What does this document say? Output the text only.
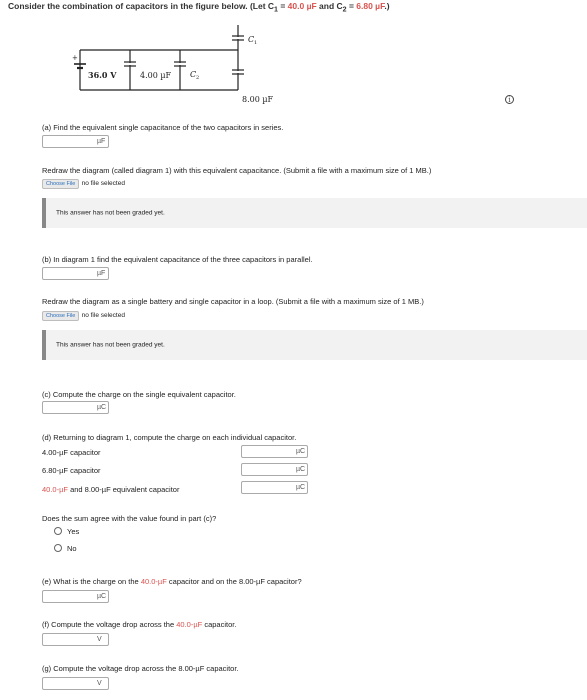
Consider the combination of capacitors in the figure below. (Let $C_1 = 40.0$ µF and $C_2 = 6.80$ µF.)
+
36.0 V	4.00 µF C 2
C 1
8.00 µF	i
(a) Find the equivalent single capacitance of the two capacitors in series.
µF
Redraw the diagram (called diagram 1) with this equivalent capacitance. (Submit a file with a maximum size of 1 MB.)
Choose File no file selected
This answer has not been graded yet.
(b) In diagram 1 find the equivalent capacitance of the three capacitors in parallel.
µF
Redraw the diagram as a single battery and single capacitor in a loop. (Submit a file with a maximum size of 1 MB.)
Choose File no file selected
This answer has not been graded yet.
(c) Compute the charge on the single equivalent capacitor.
µC
(d) Returning to diagram 1, compute the charge on each individual capacitor.
4.00-µF capacitor	µC
6.80-µF capacitor	µC
40.0-µF and 8.00-µF equivalent capacitor	µC
Does the sum agree with the value found in part (c)?
Yes
No
(e) What is the charge on the 40.0-µF capacitor and on the 8.00-µF capacitor?
µC
(f) Compute the voltage drop across the 40.0-µF capacitor.
V
(g) Compute the voltage drop across the 8.00-µF capacitor.
V
